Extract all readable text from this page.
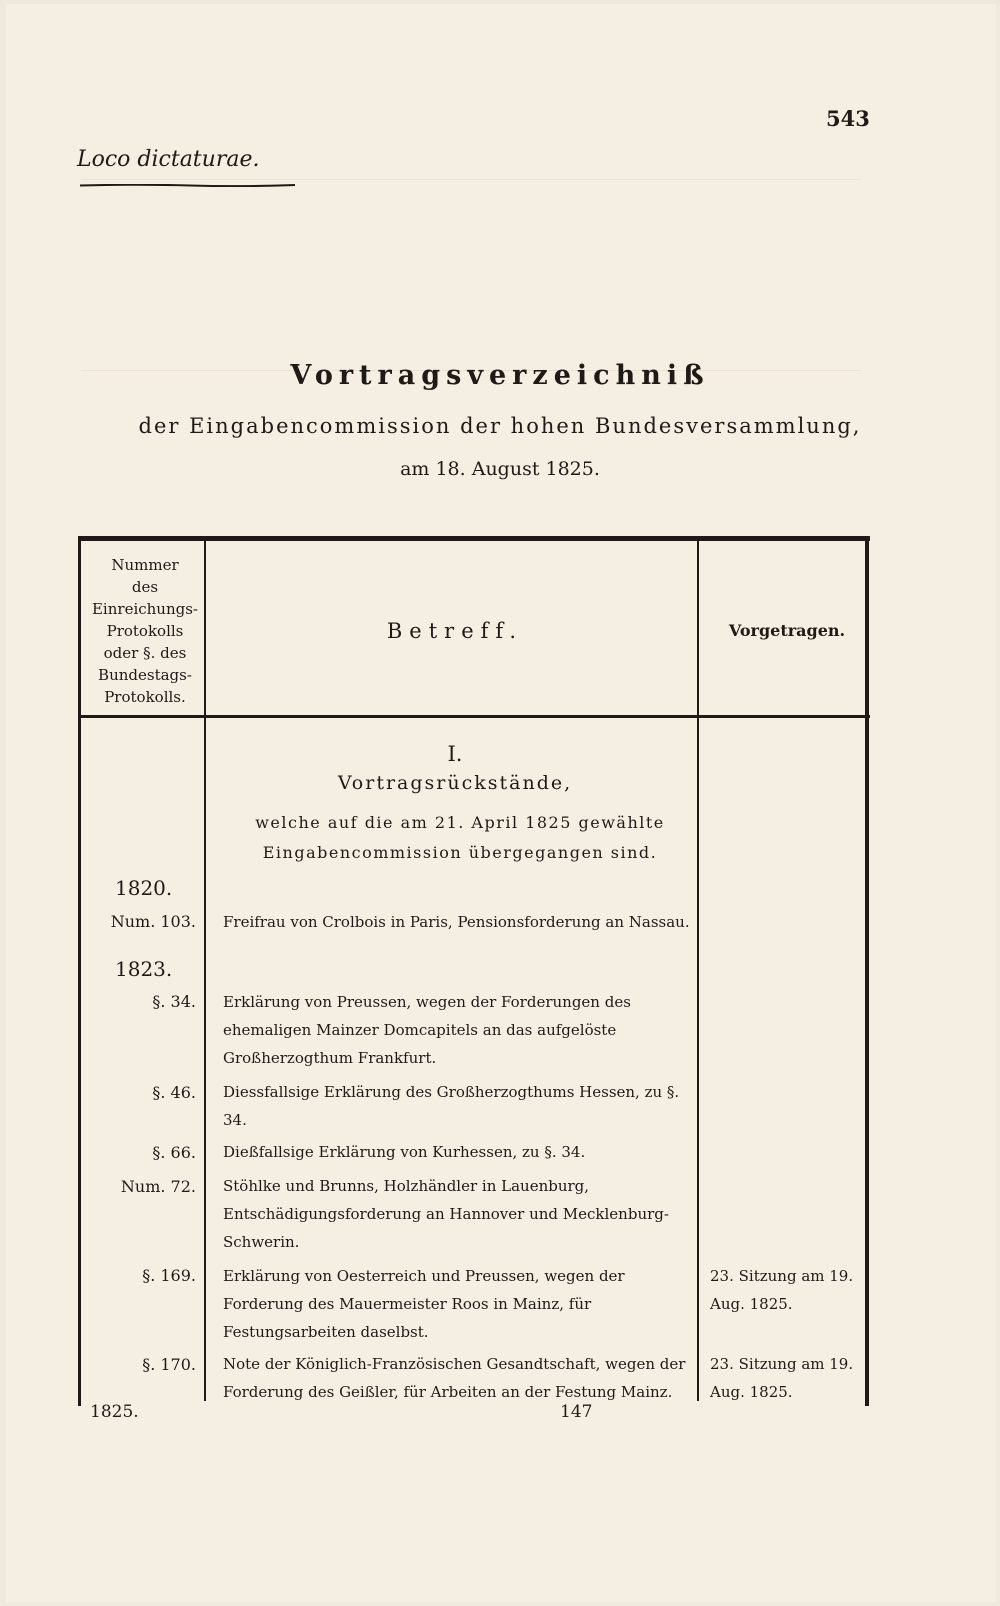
543
Loco dictaturae.
Vortragsverzeichniß
der Eingabencommission der hohen Bundesversammlung,
am 18. August 1825.
Nummer
des
Einreichungs-
Protokolls
oder §. des
Bundestags-
Protokolls.
Betreff.	Vorgetragen.
I.
Vortragsrückstände,
welche auf die am 21. April 1825 gewählte Eingabencommission übergegangen sind.
1820.
1823.
Num. 103. Freifrau von Crolbois in Paris, Pensionsforderung an Nassau.
§. 34. Erklärung von Preussen, wegen der Forderungen des ehemaligen Mainzer Domcapitels an das aufgelöste Großherzogthum Frankfurt.
§. 46. Diessfallsige Erklärung des Großherzogthums Hessen, zu §. 34.
§. 66. Dießfallsige Erklärung von Kurhessen, zu §. 34.
Num. 72. Stöhlke und Brunns, Holzhändler in Lauenburg, Entschädigungsforderung an Hannover und Mecklenburg-Schwerin.
§. 169. Erklärung von Oesterreich und Preussen, wegen der Forderung des Mauermeister Roos in Mainz, für Festungsarbeiten daselbst.
23. Sitzung am 19. Aug. 1825.
§. 170. Note der Königlich-Französischen Gesandtschaft, wegen der Forderung des Geißler, für Arbeiten an der Festung Mainz.
23. Sitzung am 19. Aug. 1825.
1825.	147
